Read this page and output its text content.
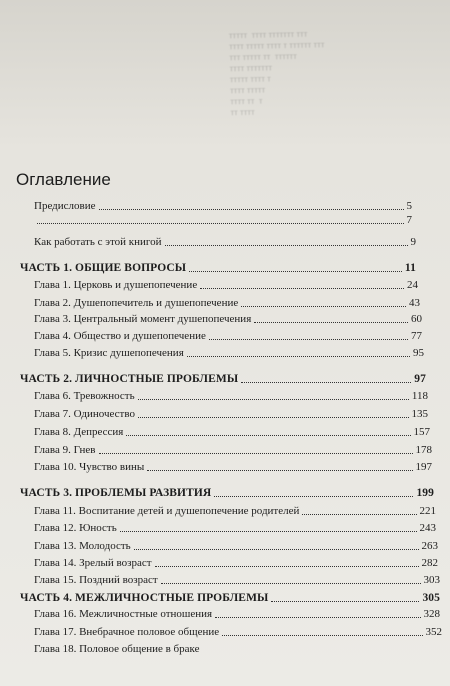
ттттт  тттт ттттттт ттт
тттт ттттт тттт т тттттт ттт
ттт ттттт тт  тттттт
тттт ттттттт
ттттт тттт т
тттт ттттт
тттт тт  т
тт тттт
Оглавление
Предисловие	5
7
Как работать с этой книгой	9
ЧАСТЬ 1. ОБЩИЕ ВОПРОСЫ	11
Глава 1. Церковь и душепопечение	24
Глава 2. Душепопечитель и душепопечение	43
Глава 3. Центральный момент душепопечения	60
Глава 4. Общество и душепопечение	77
Глава 5. Кризис душепопечения	95
ЧАСТЬ 2. ЛИЧНОСТНЫЕ ПРОБЛЕМЫ	97
Глава 6. Тревожность	118
Глава 7. Одиночество	135
Глава 8. Депрессия	157
Глава 9. Гнев	178
Глава 10. Чувство вины	197
ЧАСТЬ 3. ПРОБЛЕМЫ РАЗВИТИЯ	199
Глава 11. Воспитание детей и душепопечение родителей	221
Глава 12. Юность	243
Глава 13. Молодость	263
Глава 14. Зрелый возраст	282
Глава 15. Поздний возраст	303
ЧАСТЬ 4. МЕЖЛИЧНОСТНЫЕ ПРОБЛЕМЫ	305
Глава 16. Межличностные отношения	328
Глава 17. Внебрачное половое общение	352
Глава 18. Половое общение в браке
